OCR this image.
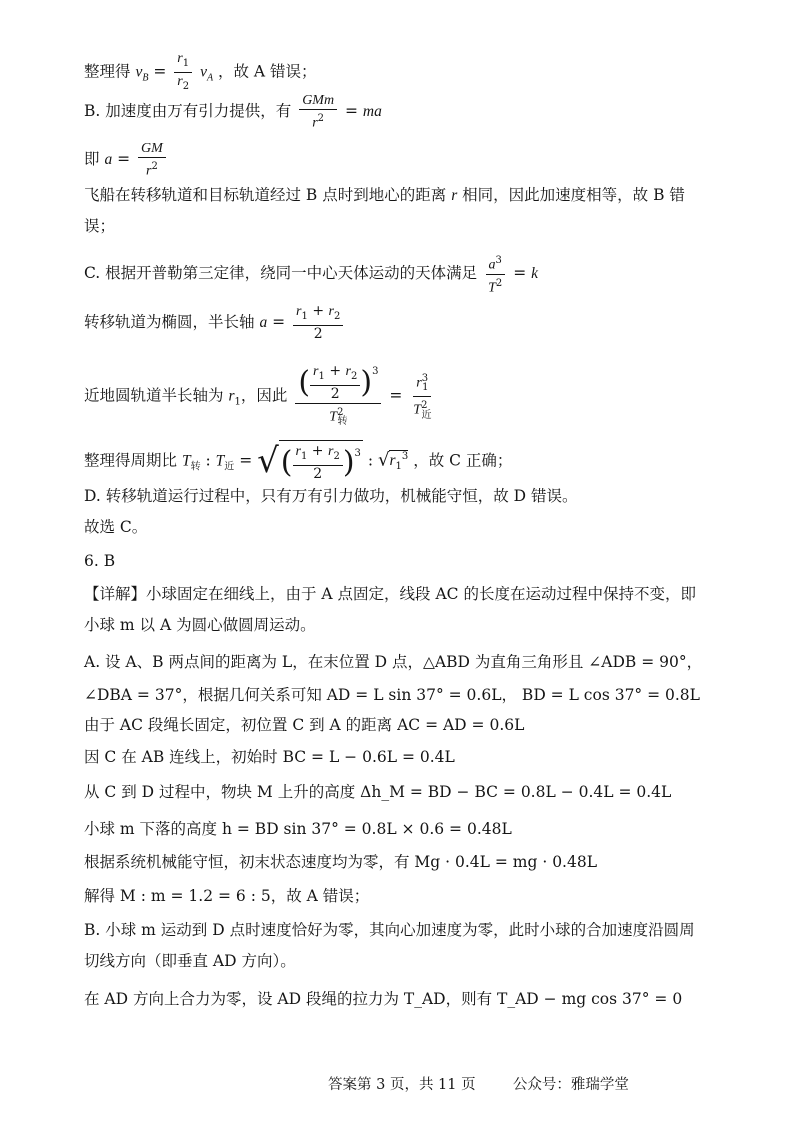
整理得 $v_B = \frac{r_1}{r_2} v_A$ ，故 A 错误；
B. 加速度由万有引力提供，有 $\frac{\text{GMm}}{r^2}$ = ma
即 $a = \frac{GM}{r^2}$
飞船在转移轨道和目标轨道经过 B 点时到地心的距离 r 相同，因此加速度相等，故 B 错
误；
C. 根据开普勒第三定律，绕同一中心天体运动的天体满足 $\frac{a^3}{T^2} = k$
转移轨道为椭圆，半长轴 $a = \frac{r_1 + r_2}{2}$
近地圆轨道半长轴为 $r_1$，因此 $\frac{( \frac{r_1 + r_2}{2} )^3}{T^2_转} = \frac{r^3_1}{T^2_近}$
整理得周期比 $T_转$ : $T_近$ = √ ( $\frac{r_1 + r_2}{2} )^3$ : $√r_1^3$ ，故 C 正确；
D. 转移轨道运行过程中，只有万有引力做功，机械能守恒，故 D 错误。
故选 C。
6. B
【详解】小球固定在细线上，由于 A 点固定，线段 AC 的长度在运动过程中保持不变，即
小球 m 以 A 为圆心做圆周运动。
A. 设 A、B 两点间的距离为 L，在末位置 D 点，△ABD 为直角三角形且 ∠ADB = 90°，
∠DBA = 37°，根据几何关系可知 AD = L sin 37° = 0.6L， BD = L cos 37° = 0.8L
由于 AC 段绳长固定，初位置 C 到 A 的距离 AC = AD = 0.6L
因 C 在 AB 连线上，初始时 BC = L − 0.6L = 0.4L
从 C 到 D 过程中，物块 M 上升的高度 Δh_M = BD − BC = 0.8L − 0.4L = 0.4L
小球 m 下落的高度 h = BD sin 37° = 0.8L × 0.6 = 0.48L
根据系统机械能守恒，初末状态速度均为零，有 Mg · 0.4L = mg · 0.48L
解得 M : m = 1.2 = 6 : 5，故 A 错误；
B. 小球 m 运动到 D 点时速度恰好为零，其向心加速度为零，此时小球的合加速度沿圆周
切线方向（即垂直 AD 方向）。
在 AD 方向上合力为零，设 AD 段绳的拉力为 T_AD，则有 T_AD − mg cos 37° = 0
答案第 3 页，共 11 页	公众号：雅瑞学堂
